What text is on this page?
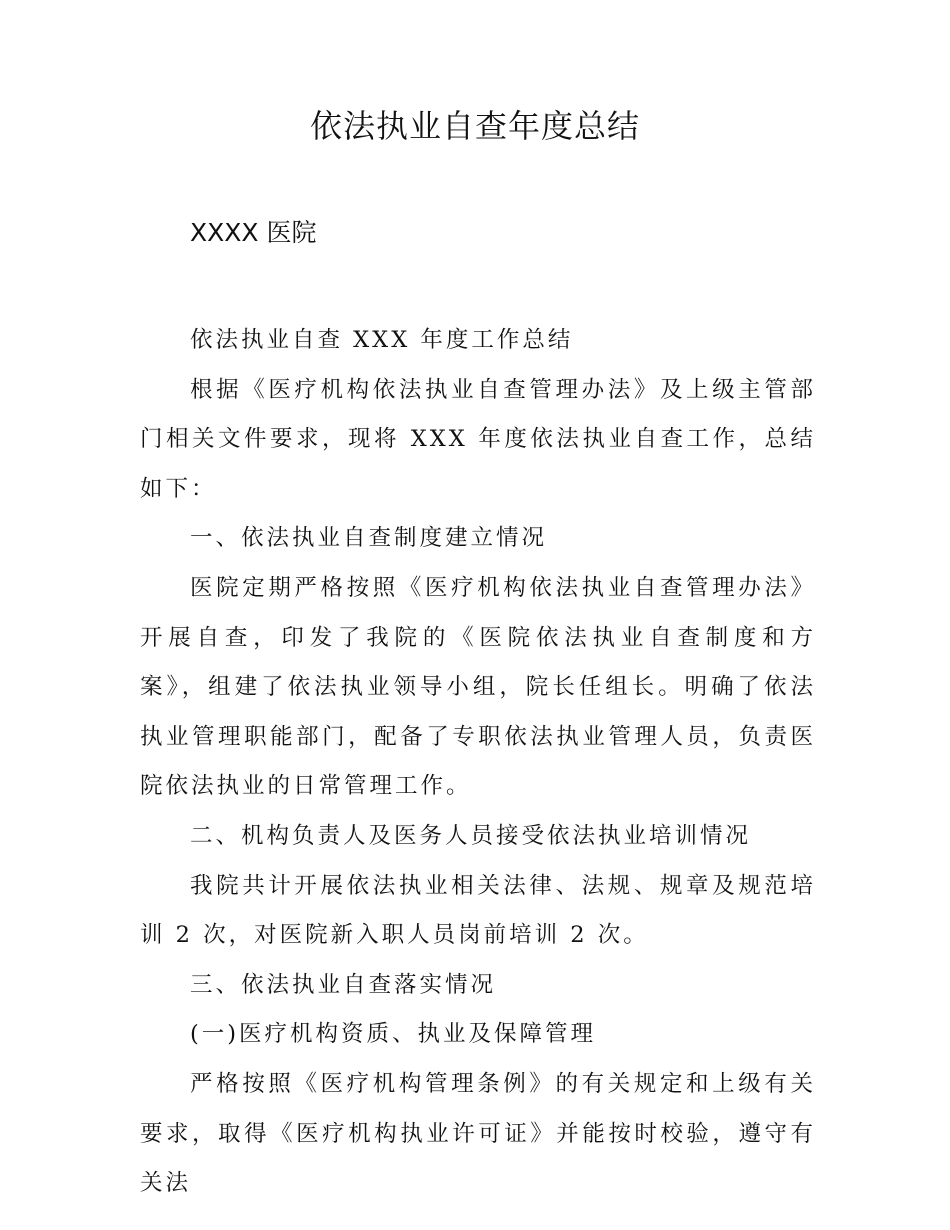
依法执业自查年度总结
XXXX 医院

依法执业自查 XXX 年度工作总结

根据《医疗机构依法执业自查管理办法》及上级主管部门相关文件要求，现将 XXX 年度依法执业自查工作，总结如下：

一、依法执业自查制度建立情况

医院定期严格按照《医疗机构依法执业自查管理办法》开展自查，印发了我院的《医院依法执业自查制度和方案》，组建了依法执业领导小组，院长任组长。明确了依法执业管理职能部门，配备了专职依法执业管理人员，负责医院依法执业的日常管理工作。

二、机构负责人及医务人员接受依法执业培训情况

我院共计开展依法执业相关法律、法规、规章及规范培训 2 次，对医院新入职人员岗前培训 2 次。

三、依法执业自查落实情况

(一)医疗机构资质、执业及保障管理

严格按照《医疗机构管理条例》的有关规定和上级有关要求，取得《医疗机构执业许可证》并能按时校验，遵守有关法
